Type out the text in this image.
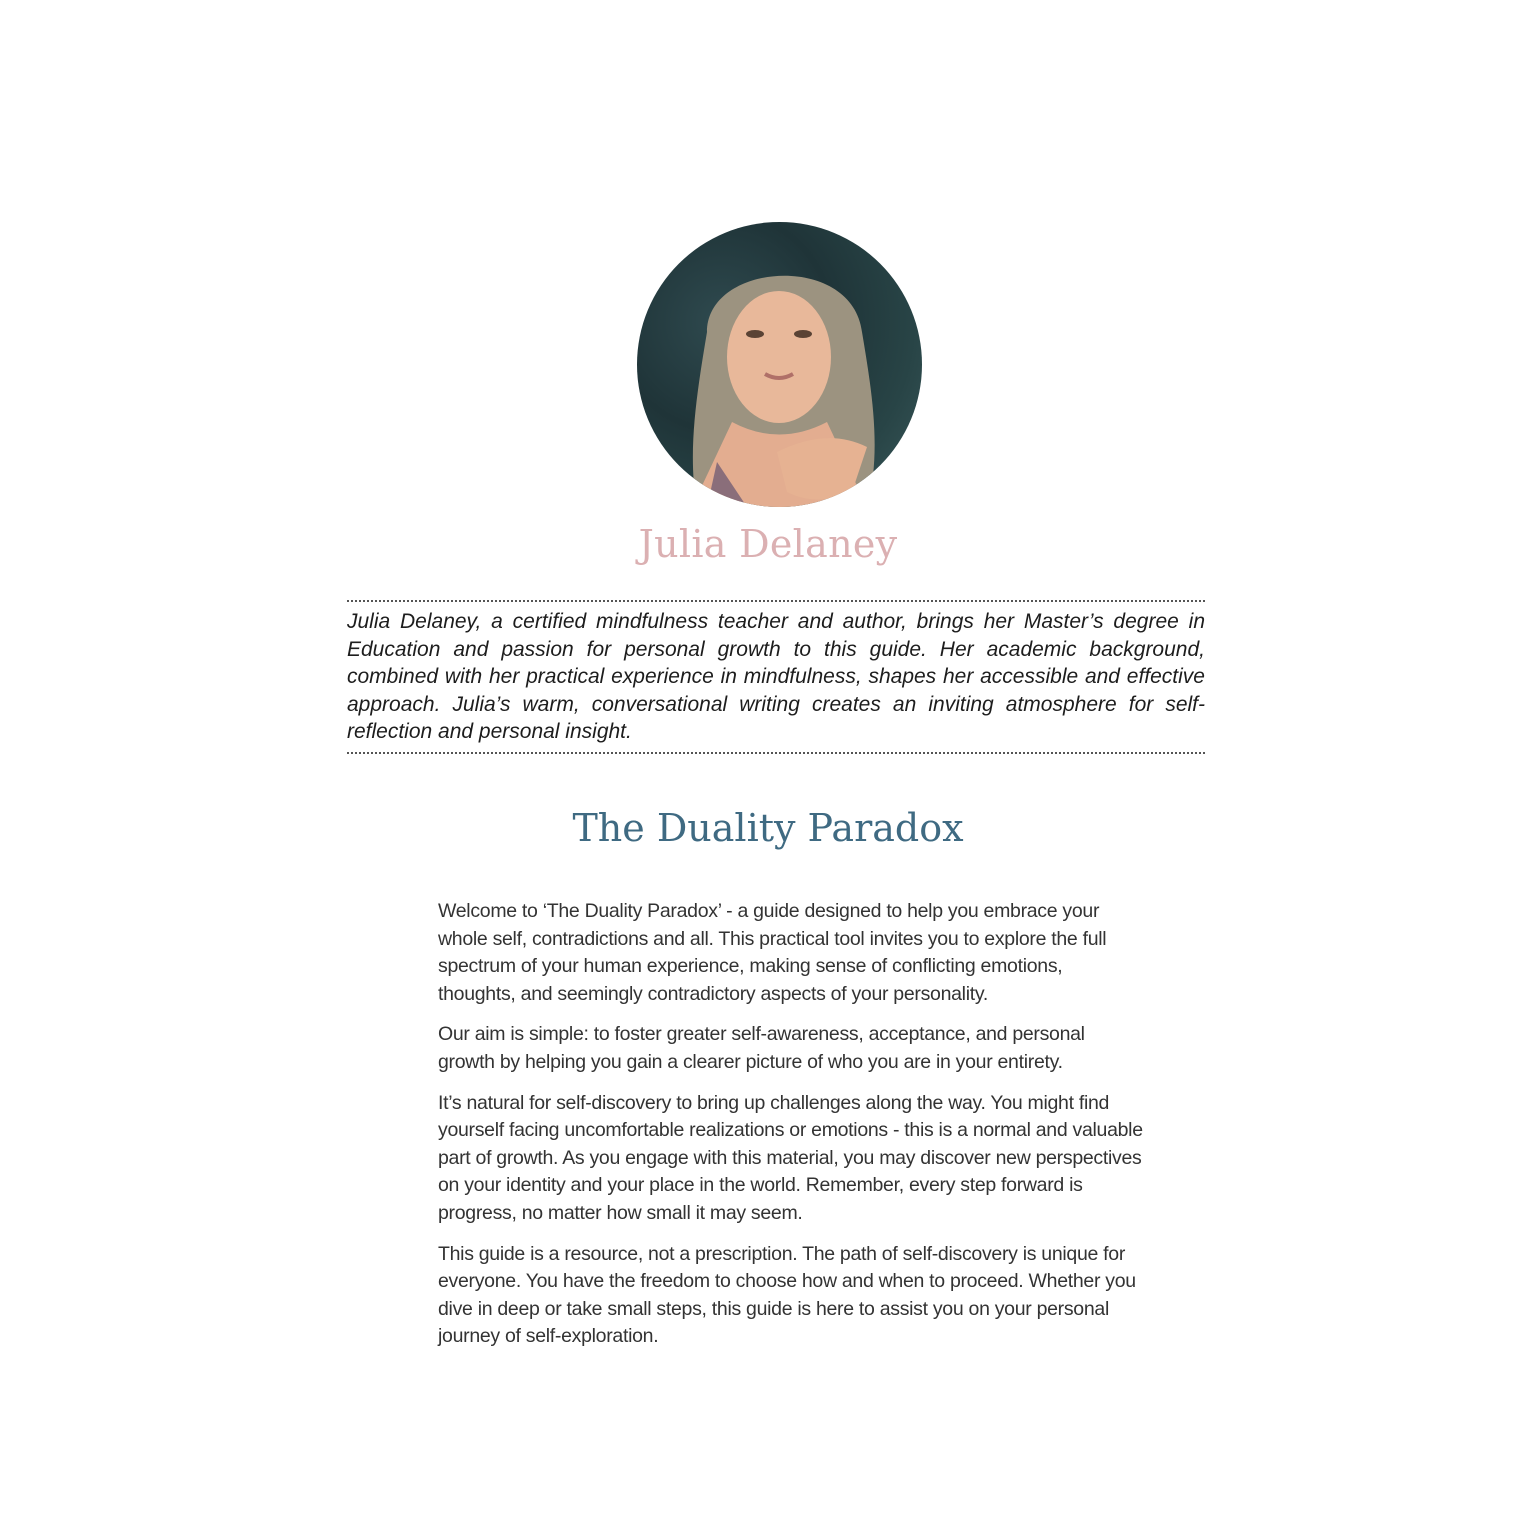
Julia Delaney

Julia Delaney, a certified mindfulness teacher and author, brings her Master’s degree in Education and passion for personal growth to this guide. Her academic background, combined with her practical experience in mindfulness, shapes her accessible and effective approach. Julia’s warm, conversational writing creates an inviting atmosphere for self-reflection and personal insight.

The Duality Paradox

Welcome to ‘The Duality Paradox’ - a guide designed to help you embrace your whole self, contradictions and all. This practical tool invites you to explore the full spectrum of your human experience, making sense of conflicting emotions, thoughts, and seemingly contradictory aspects of your personality.

Our aim is simple: to foster greater self-awareness, acceptance, and personal growth by helping you gain a clearer picture of who you are in your entirety.

It’s natural for self-discovery to bring up challenges along the way. You might find yourself facing uncomfortable realizations or emotions - this is a normal and valuable part of growth. As you engage with this material, you may discover new perspectives on your identity and your place in the world. Remember, every step forward is progress, no matter how small it may seem.

This guide is a resource, not a prescription. The path of self-discovery is unique for everyone. You have the freedom to choose how and when to proceed. Whether you dive in deep or take small steps, this guide is here to assist you on your personal journey of self-exploration.
